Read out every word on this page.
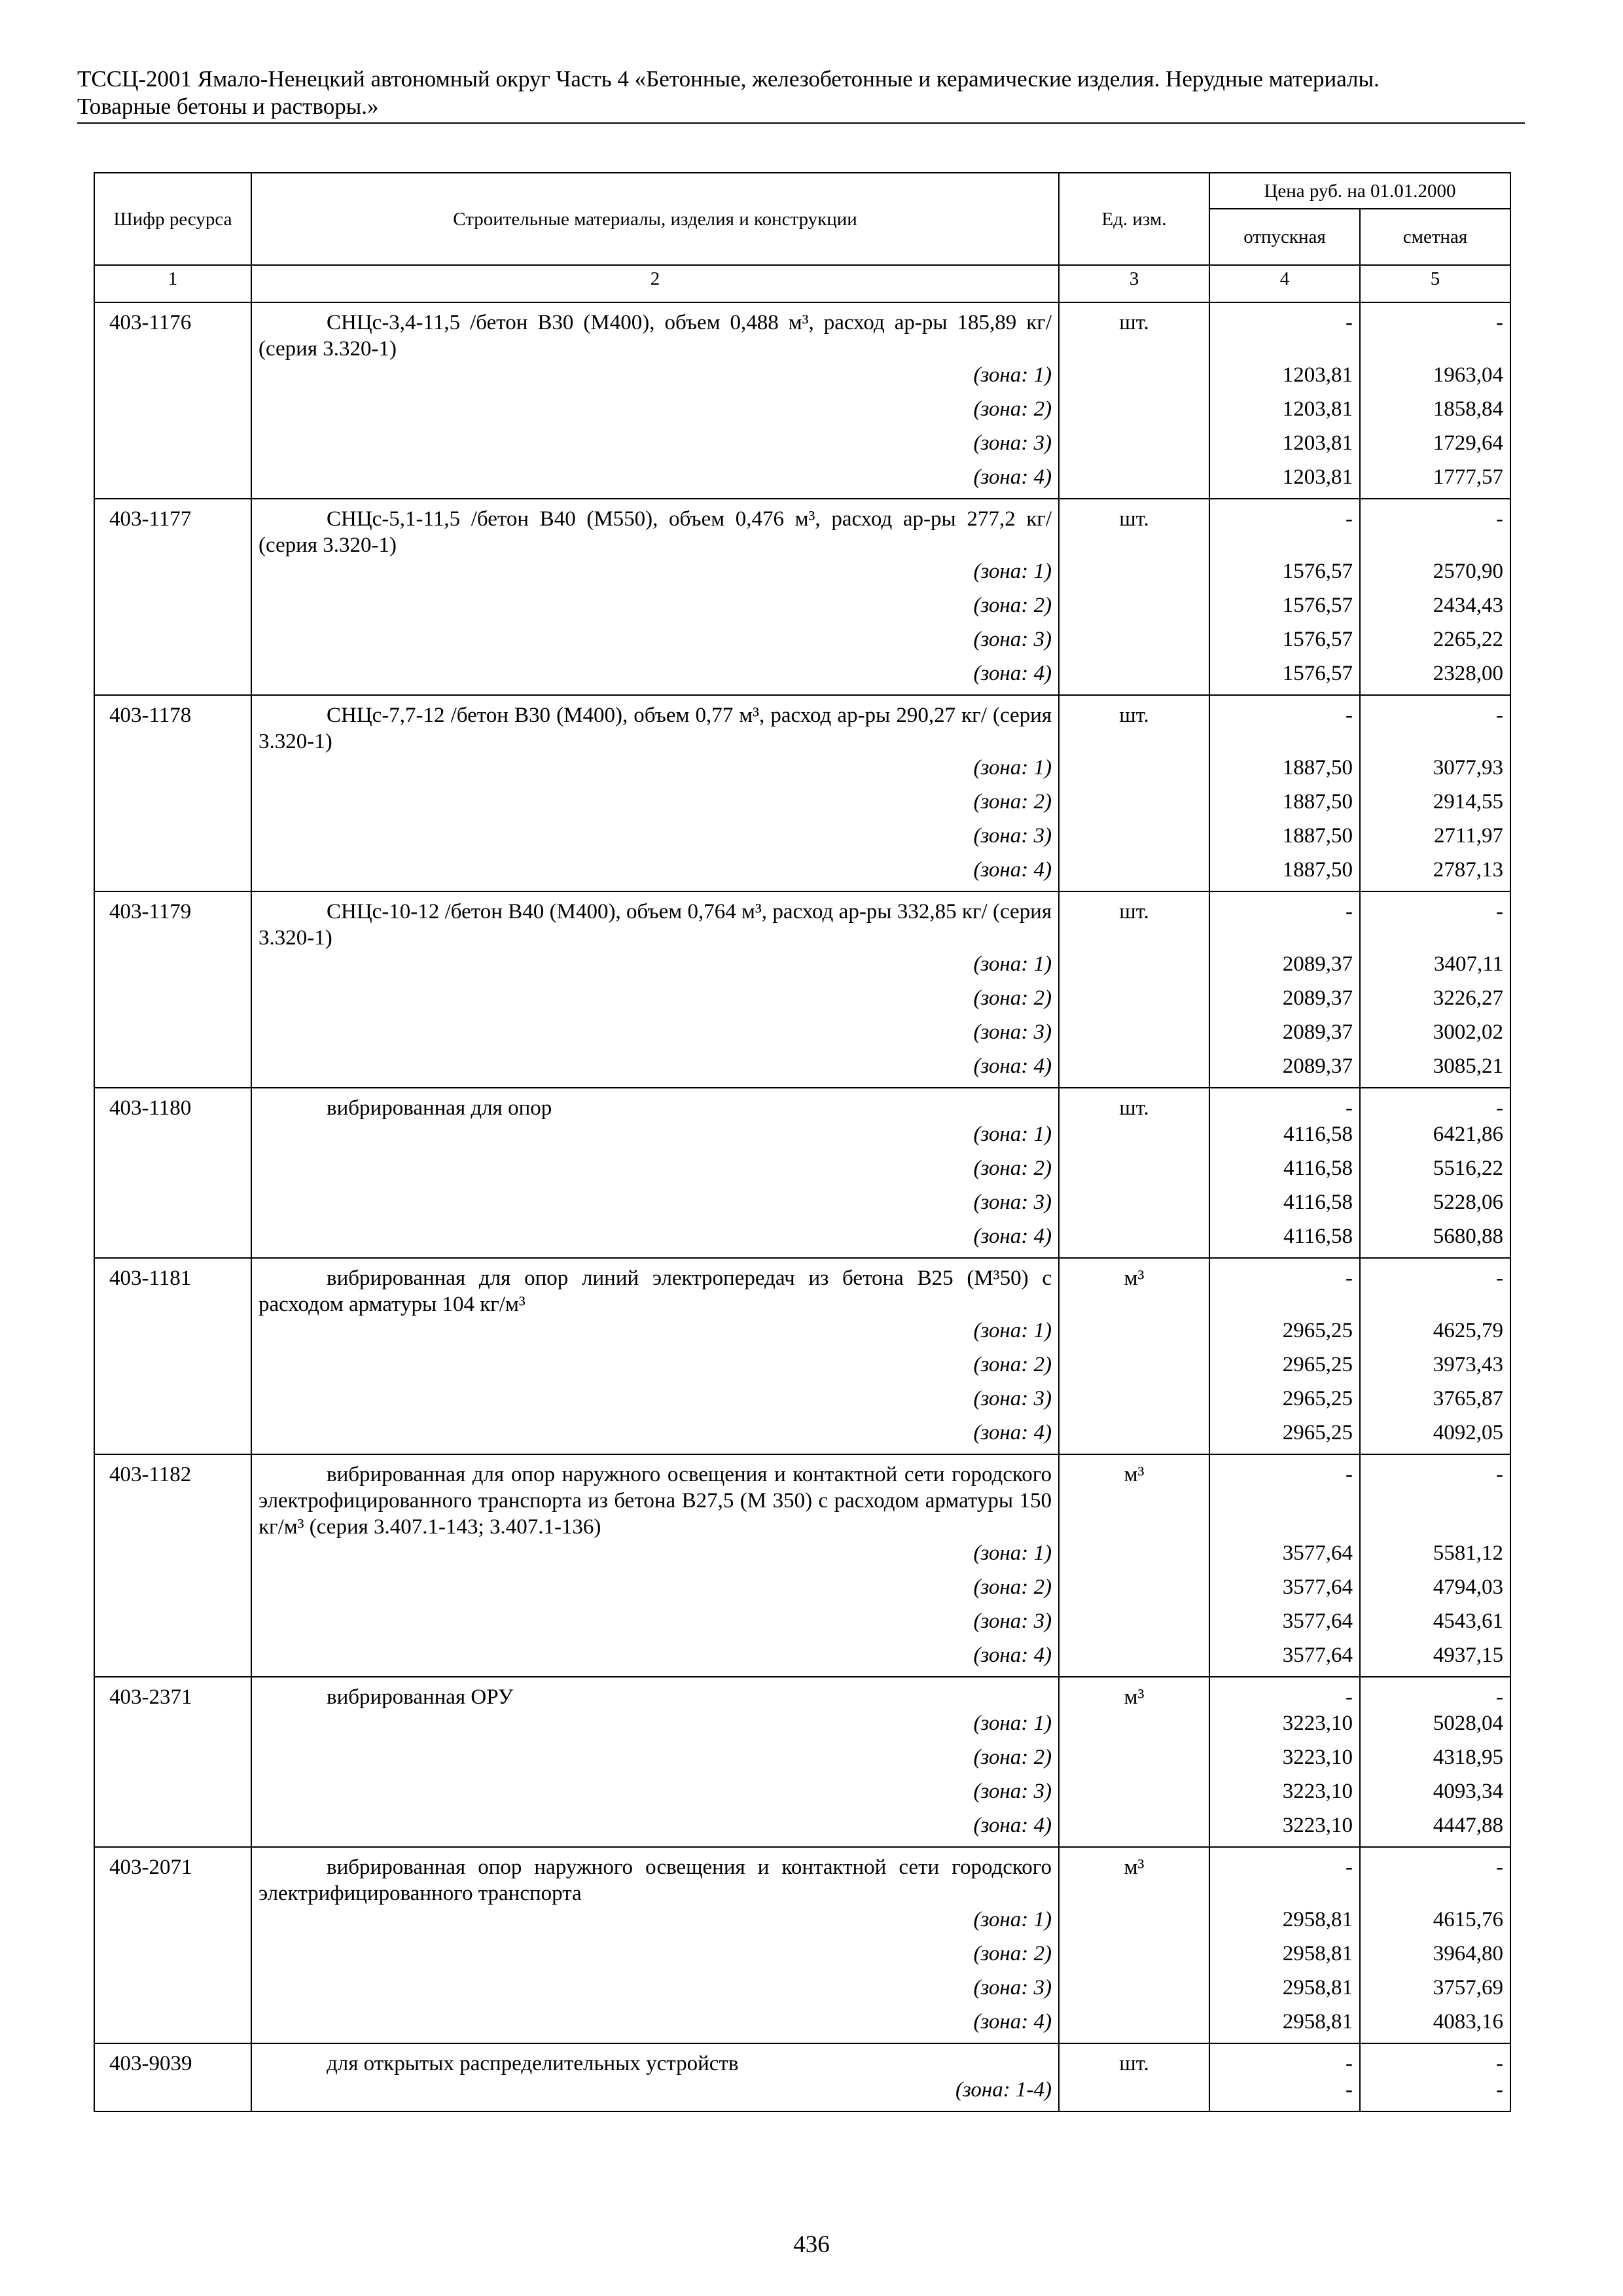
ТССЦ-2001 Ямало-Ненецкий автономный округ Часть 4 «Бетонные, железобетонные и керамические изделия. Нерудные материалы.
Товарные бетоны и растворы.»
Шифр ресурса	Строительные материалы, изделия и конструкции	Ед. изм.	Цена руб. на 01.01.2000	
			отпускная	сметная
1	2	3	4	5
403-1176	СНЦс-3,4-11,5 /бетон В30 (М400), объем 0,488 м³, расход ар-ры 185,89 кг/ (серия 3.320-1)	шт.	-	-
	(зона: 1)		1203,81	1963,04
	(зона: 2)		1203,81	1858,84
	(зона: 3)		1203,81	1729,64
	(зона: 4)		1203,81	1777,57
403-1177	СНЦс-5,1-11,5 /бетон В40 (М550), объем 0,476 м³, расход ар-ры 277,2 кг/ (серия 3.320-1)	шт.	-	-
	(зона: 1)		1576,57	2570,90
	(зона: 2)		1576,57	2434,43
	(зона: 3)		1576,57	2265,22
	(зона: 4)		1576,57	2328,00
403-1178	СНЦс-7,7-12 /бетон В30 (М400), объем 0,77 м³, расход ар-ры 290,27 кг/ (серия 3.320-1)	шт.	-	-
	(зона: 1)		1887,50	3077,93
	(зона: 2)		1887,50	2914,55
	(зона: 3)		1887,50	2711,97
	(зона: 4)		1887,50	2787,13
403-1179	СНЦс-10-12 /бетон В40 (М400), объем 0,764 м³, расход ар-ры 332,85 кг/ (серия 3.320-1)	шт.	-	-
	(зона: 1)		2089,37	3407,11
	(зона: 2)		2089,37	3226,27
	(зона: 3)		2089,37	3002,02
	(зона: 4)		2089,37	3085,21
403-1180	вибрированная для опор	шт.	-	-
	(зона: 1)		4116,58	6421,86
	(зона: 2)		4116,58	5516,22
	(зона: 3)		4116,58	5228,06
	(зона: 4)		4116,58	5680,88
403-1181	вибрированная для опор линий электропередач из бетона В25 (М³50) с расходом арматуры 104 кг/м³	м³	-	-
	(зона: 1)		2965,25	4625,79
	(зона: 2)		2965,25	3973,43
	(зона: 3)		2965,25	3765,87
	(зона: 4)		2965,25	4092,05
403-1182	вибрированная для опор наружного освещения и контактной сети городского электрофицированного транспорта из бетона В27,5 (М 350) с расходом арматуры 150 кг/м³ (серия 3.407.1-143; 3.407.1-136)	м³	-	-
	(зона: 1)		3577,64	5581,12
	(зона: 2)		3577,64	4794,03
	(зона: 3)		3577,64	4543,61
	(зона: 4)		3577,64	4937,15
403-2371	вибрированная ОРУ	м³	-	-
	(зона: 1)		3223,10	5028,04
	(зона: 2)		3223,10	4318,95
	(зона: 3)		3223,10	4093,34
	(зона: 4)		3223,10	4447,88
403-2071	вибрированная опор наружного освещения и контактной сети городского электрифицированного транспорта	м³	-	-
	(зона: 1)		2958,81	4615,76
	(зона: 2)		2958,81	3964,80
	(зона: 3)		2958,81	3757,69
	(зона: 4)		2958,81	4083,16
403-9039	для открытых распределительных устройств	шт.	-	-
	(зона: 1-4)		-	-
436
